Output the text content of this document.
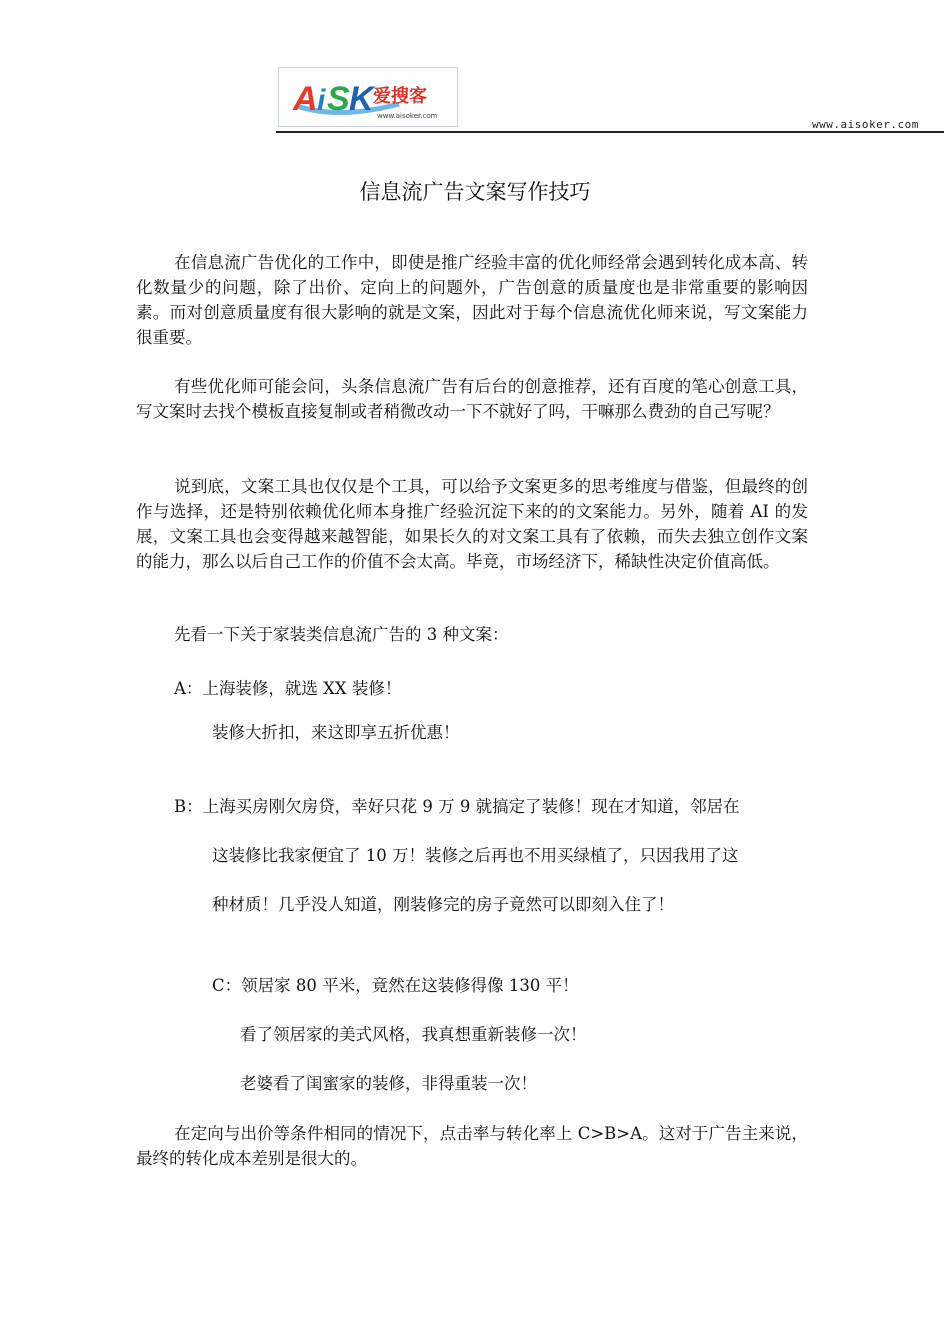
A i S K 爱搜客
www.aisoker.com
www.aisoker.com
信息流广告文案写作技巧
在信息流广告优化的工作中，即使是推广经验丰富的优化师经常会遇到转化成本高、转化数量少的问题，除了出价、定向上的问题外，广告创意的质量度也是非常重要的影响因素。而对创意质量度有很大影响的就是文案，因此对于每个信息流优化师来说，写文案能力很重要。
有些优化师可能会问，头条信息流广告有后台的创意推荐，还有百度的笔心创意工具，写文案时去找个模板直接复制或者稍微改动一下不就好了吗，干嘛那么费劲的自己写呢？
说到底，文案工具也仅仅是个工具，可以给予文案更多的思考维度与借鉴，但最终的创作与选择，还是特别依赖优化师本身推广经验沉淀下来的的文案能力。另外，随着 AI 的发展，文案工具也会变得越来越智能，如果长久的对文案工具有了依赖，而失去独立创作文案的能力，那么以后自己工作的价值不会太高。毕竟，市场经济下，稀缺性决定价值高低。
先看一下关于家装类信息流广告的 3 种文案：
A：上海装修，就选 XX 装修！
装修大折扣，来这即享五折优惠！
B：上海买房刚欠房贷，幸好只花 9 万 9 就搞定了装修！现在才知道，邻居在
这装修比我家便宜了 10 万！装修之后再也不用买绿植了，只因我用了这
种材质！几乎没人知道，刚装修完的房子竟然可以即刻入住了！
C：领居家 80 平米，竟然在这装修得像 130 平！
看了领居家的美式风格，我真想重新装修一次！
老婆看了闺蜜家的装修，非得重装一次！
在定向与出价等条件相同的情况下，点击率与转化率上 C>B>A。这对于广告主来说，最终的转化成本差别是很大的。
